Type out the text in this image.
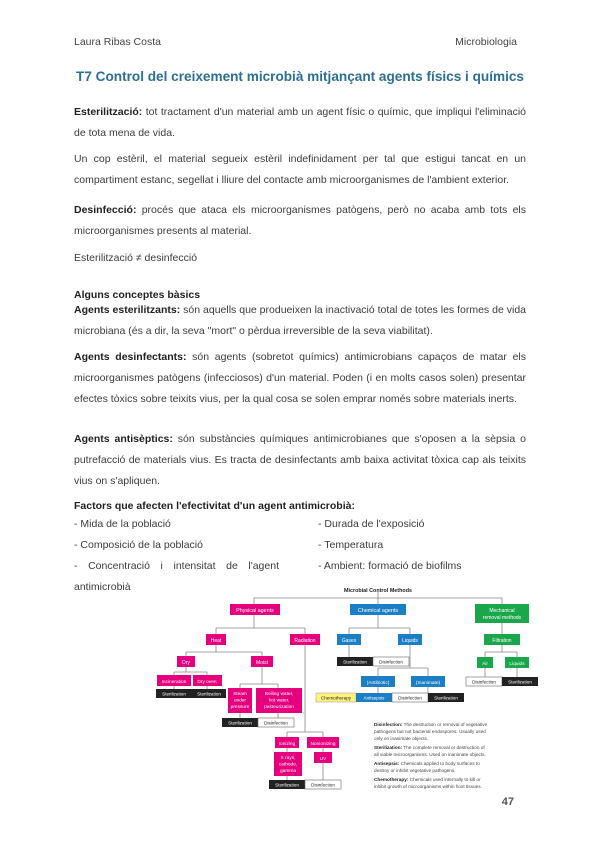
Laura Ribas Costa	Microbiologia
T7 Control del creixement microbià mitjançant agents físics i químics
Esterilització: tot tractament d'un material amb un agent físic o químic, que impliqui l'eliminació de tota mena de vida.
Un cop estèril, el material segueix estèril indefinidament per tal que estigui tancat en un compartiment estanc, segellat i lliure del contacte amb microorganismes de l'ambient exterior.
Desinfecció: procés que ataca els microorganismes patògens, però no acaba amb tots els microorganismes presents al material.
Esterilització ≠ desinfecció
Alguns conceptes bàsics
Agents esterilitzants: són aquells que produeixen la inactivació total de totes les formes de vida microbiana (és a dir, la seva "mort" o pèrdua irreversible de la seva viabilitat).
Agents desinfectants: són agents (sobretot químics) antimicrobians capaços de matar els microorganismes patògens (infecciosos) d'un material. Poden (i en molts casos solen) presentar efectes tòxics sobre teixits vius, per la qual cosa se solen emprar només sobre materials inerts.
Agents antisèptics: són substàncies químiques antimicrobianes que s'oposen a la sèpsia o putrefacció de materials vius. Es tracta de desinfectants amb baixa activitat tòxica cap als teixits vius on s'apliquen.
Factors que afecten l'efectivitat d'un agent antimicrobià:
- Mida de la població
- Composició de la població
- Concentració i intensitat de l'agent antimicrobià
- Durada de l'exposició
- Temperatura
- Ambient: formació de biofilms
Microbial Control Methods
Physical agents	Chemical agents	Mechanical
removal methods
Heat	Radiation
Dry	Moist
Incineration Dry oven
Sterilization Sterilization	Steam
under
pressure
Boiling water,
hot water,
pasteurization
Sterilization	Disinfection
Ionizing	Nonionizing
X rays,
cathode,
gamma
UV
Sterilization	Disinfection
Gases	Liquids
Sterilization	Disinfection
(Antibiotic)	(Inanimate)
Chemotherapy	Antisepsis	Disinfection	Sterilization
Filtration
Air	Liquids
Disinfection	Sterilization
Disinfection: The destruction or removal of vegetative
pathogens but not bacterial endospores. Usually used
only on inanimate objects.
Sterilization: The complete removal or destruction of
all viable microorganisms. Used on inanimate objects.
Antisepsis: Chemicals applied to body surfaces to
destroy or inhibit vegetative pathogens.
Chemotherapy: Chemicals used internally to kill or
inhibit growth of microorganisms within host tissues.
47
